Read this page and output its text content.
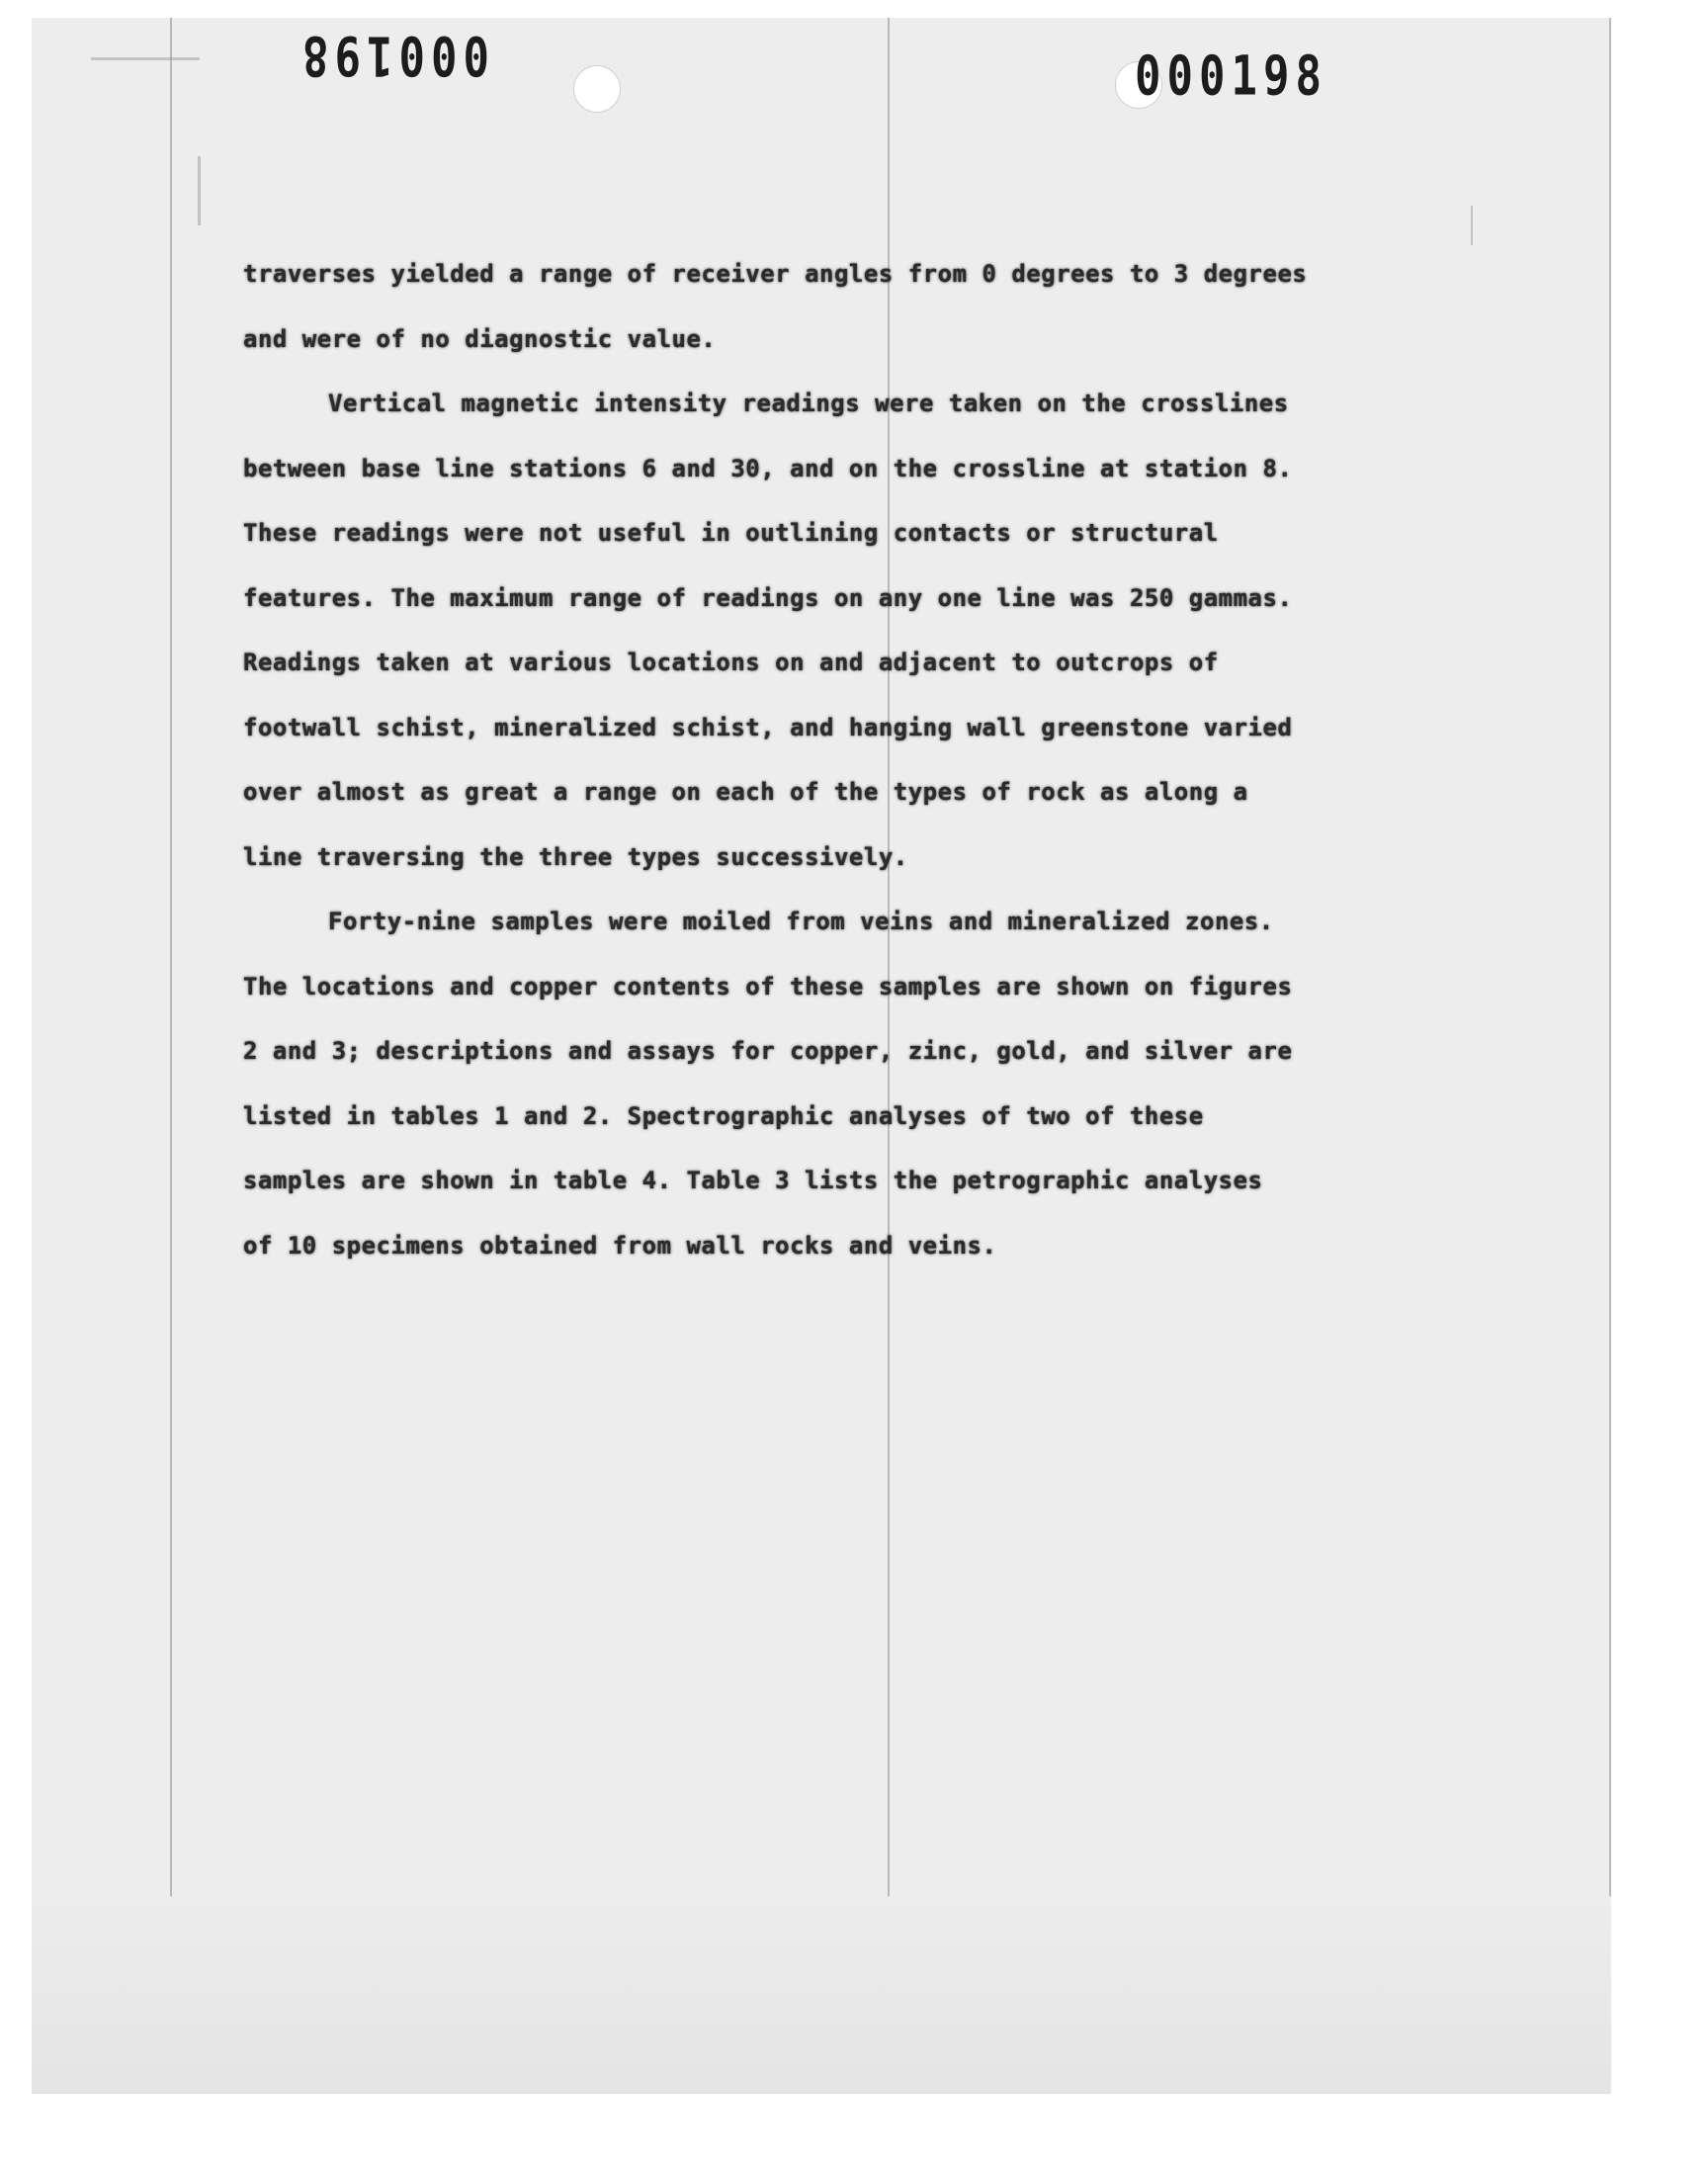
000198	000198

traverses yielded a range of receiver angles from 0 degrees to 3 degrees
and were of no diagnostic value.

Vertical magnetic intensity readings were taken on the crosslines
between base line stations 6 and 30, and on the crossline at station 8.
These readings were not useful in outlining contacts or structural
features. The maximum range of readings on any one line was 250 gammas.
Readings taken at various locations on and adjacent to outcrops of
footwall schist, mineralized schist, and hanging wall greenstone varied
over almost as great a range on each of the types of rock as along a
line traversing the three types successively.

Forty-nine samples were moiled from veins and mineralized zones.
The locations and copper contents of these samples are shown on figures
2 and 3; descriptions and assays for copper, zinc, gold, and silver are
listed in tables 1 and 2. Spectrographic analyses of two of these
samples are shown in table 4. Table 3 lists the petrographic analyses
of 10 specimens obtained from wall rocks and veins.
